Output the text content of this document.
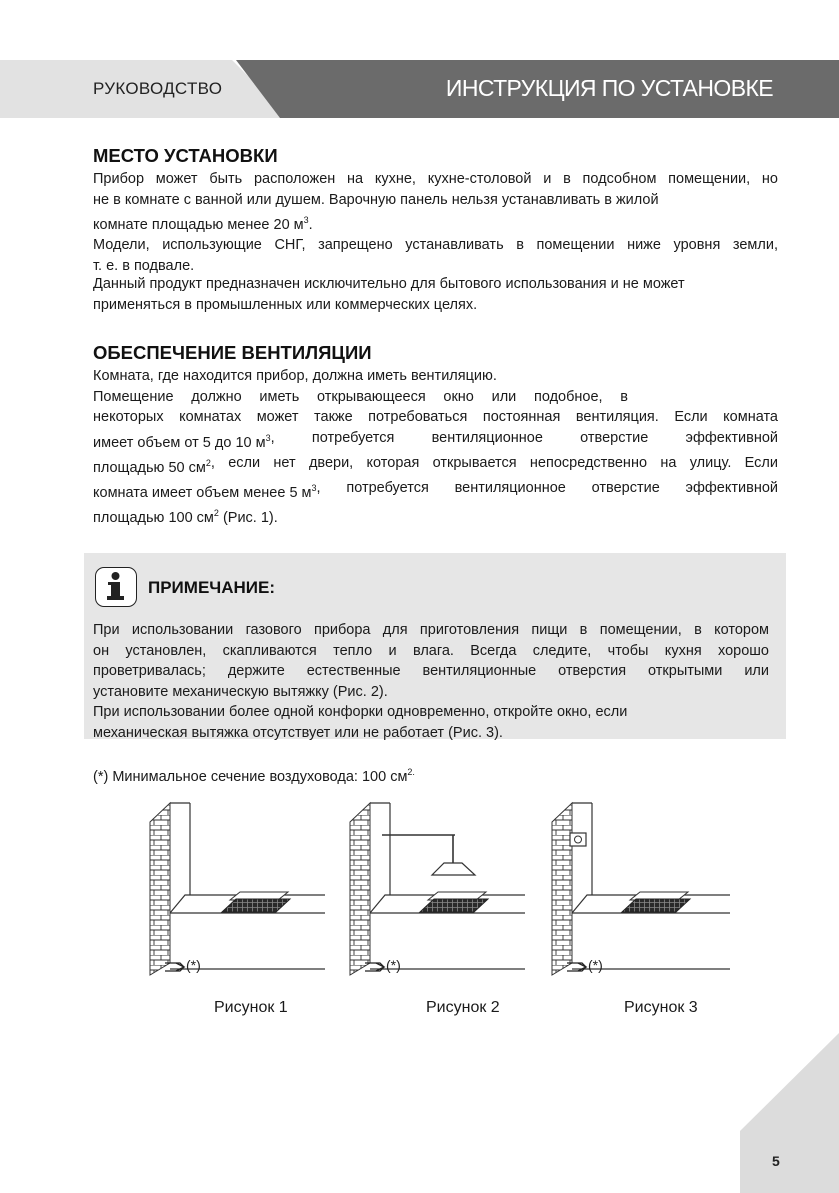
РУКОВОДСТВО	ИНСТРУКЦИЯ ПО УСТАНОВКЕ
МЕСТО УСТАНОВКИ
Прибор может быть расположен на кухне, кухне-столовой и в подсобном помещении, но
не в комнате с ванной или душем. Варочную панель нельзя устанавливать в жилой
комнате площадью менее 20 $м^3$.
Модели, использующие СНГ, запрещено устанавливать в помещении ниже уровня земли,
т. е. в подвале.
Данный продукт предназначен исключительно для бытового использования и не может
применяться в промышленных или коммерческих целях.
ОБЕСПЕЧЕНИЕ ВЕНТИЛЯЦИИ
Комната, где находится прибор, должна иметь вентиляцию.
Помещение должно иметь открывающееся окно или подобное, в
некоторых комнатах может также потребоваться постоянная вентиляция. Если комната
имеет объем от 5 до 10 $м^3$ , потребуется вентиляционное отверстие эффективной
площадью 50 $см^2$ , если нет двери, которая открывается непосредственно на улицу. Если
комната имеет объем менее 5 $м^3$ , потребуется вентиляционное отверстие эффективной
площадью 100 $см^2$ (Рис. 1).
ПРИМЕЧАНИЕ:
При использовании газового прибора для приготовления пищи в помещении, в котором
он установлен, скапливаются тепло и влага. Всегда следите, чтобы кухня хорошо
проветривалась; держите естественные вентиляционные отверстия открытыми или
установите механическую вытяжку (Рис. 2).
При использовании более одной конфорки одновременно, откройте окно, если
механическая вытяжка отсутствует или не работает (Рис. 3).
(*) Минимальное сечение воздуховода: 100 $см^{2.}$
(*)	(*)	(*)
Рисунок 1	Рисунок 2	Рисунок 3
5
